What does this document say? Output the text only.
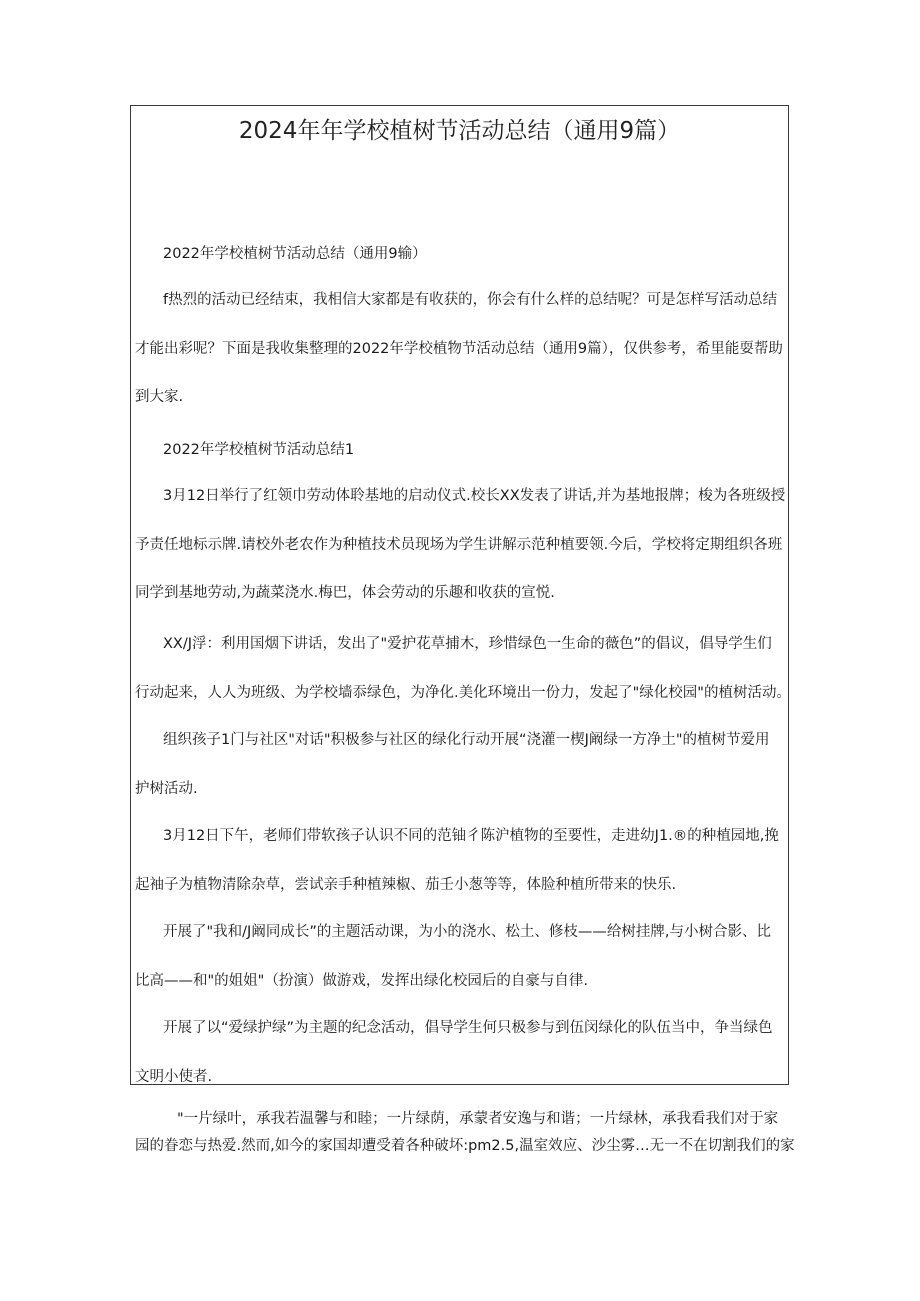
2024年年学校植树节活动总结（通用9篇）
2022年学校植树节活动总结（通用9输）
f热烈的活动已经结束，我相信大家都是有收获的，你会有什么样的总结呢？可是怎样写活动总结
才能出彩呢？下面是我收集整理的2022年学校植物节活动总结（通用9篇），仅供参考，希里能耍帮助
到大家.
2022年学校植树节活动总结1
3月12日举行了红领巾劳动体聆基地的启动仪式.校长XX发表了讲话,并为基地报牌；梭为各班级授
予责任地标示牌.请校外老农作为种植技术员现场为学生讲解示范种植要领.今后，学校将定期组织各班
同学到基地劳动,为蔬菜浇水.梅巴，体会劳动的乐趣和收获的宣悦.
XX/J浮：利用国烟下讲话，发出了"爱护花草捕木，珍惜绿色一生命的薇色”的倡议，倡导学生们
行动起来，人人为班级、为学校墙忝绿色，为净化.美化环境出一份力，发起了"绿化校园"的植树活动。
组织孩子1门与社区"对话"积极参与社区的绿化行动开展“浇灌一楔J阚绿一方净土"的植树节爱用
护树活动.
3月12日下午，老师们带软孩子认识不同的范铀彳陈沪植物的至要性，走进幼J1.®的种植园地,挽
起袖子为植物清除杂草，尝试亲手种植辣椒、茄壬小葱等等，体脸种植所带来的快乐.
开展了"我和/J阚同成长”的主题活动课，为小的浇水、松土、修枝——给树挂牌,与小树合影、比
比高——和"的姐姐"（扮演）做游戏，发挥出绿化校园后的自豪与自律.
开展了以“爱绿护绿”为主题的纪念活动，倡导学生何只极参与到伍闵绿化的队伍当中，争当绿色
文明小使者.
"一片绿叶，承我若温馨与和睦；一片绿荫，承蒙者安逸与和谐；一片绿林，承我看我们对于家
园的眷恋与热爱.然而,如今的家国却遭受着各种破坏:pm2.5,温室效应、沙尘雾…无一不在切割我们的家
